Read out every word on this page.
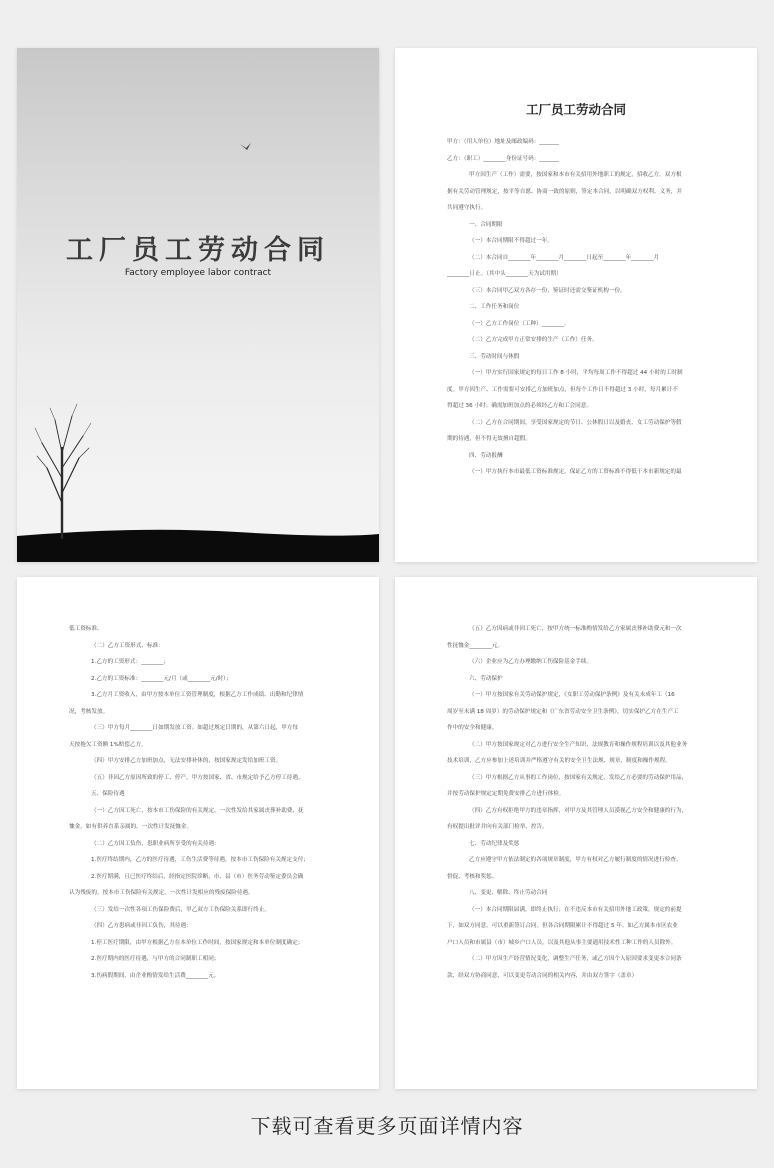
工厂员工劳动合同
Factory employee labor contract
工厂员工劳动合同

甲方：（用人单位）地址及邮政编码：_______

乙方：（职工）________身份证号码：_______

甲方因生产（工作）需要，按国家和本市有关招用外地职工的规定，招收乙方。双方根

据有关劳动管理规定，按平等自愿、协商一致的原则，签定本合同，以明确双方权利、义务，并

共同遵守执行。

一、合同期限

（一）本合同期限不得超过一年。

（二）本合同自________年________月________日起至________年________月

________日止。（其中头________天为试用期）

（三）本合同甲乙双方各存一份，鉴证时还需交鉴证机构一份。

二、工作任务和岗位

（一）乙方工作岗位（工种）________。

（二）乙方完成甲方正常安排的生产（工作）任务。

三、劳动时间与休假

（一）甲方实行国家规定的每日工作 8 小时，平均每周工作不得超过 44 小时的工时制

度。甲方因生产、工作需要可安排乙方加班加点，但每个工作日不得超过 3 小时，每月累计不

得超过 36 小时；确需加班加点的必须经乙方和工会同意。

（二）乙方在合同期间，享受国家规定的节日、公休假日以及婚丧、女工劳动保护等假

期的待遇，但不得无故擅自超假。

四、劳动报酬

（一）甲方执行本市最低工资标准规定，保证乙方的工资标准不得低于本市新规定的最

低工资标准。

（二）乙方工资形式、标准：

1.乙方的工资形式：________；

2.乙方的工资标准：________元/月（或________元/时）；

3.乙方月工资收入，由甲方按本单位工资管理制度，根据乙方工作成绩、出勤和纪律情

况，考核发放。

（三）甲方每月________日如期发放工资。如超过规定日期的，从第六日起，甲方每

天按拖欠工资额 1%赔偿乙方。

（四）甲方安排乙方加班加点，无法安排补休的，按国家规定发给加班工资。

（五）非因乙方原因所致的停工、停产，甲方按国家、省、市规定给予乙方停工待遇。

五、保险待遇

（一）乙方因工死亡，按本市工伤保险的有关规定，一次性发给其家属丧葬补助费、抚

恤金。如有供养直系亲属的，一次性计发抚恤金。

（二）乙方因工负伤、患职业病所享受的有关待遇：

1.医疗终结期内，乙方的医疗待遇，工伤生活费等待遇，按本市工伤保险有关规定支付；

2.医疗期满，且已医疗终结后，经指定医院诊断，市、县（市）医务劳动鉴定委员会确

认为残废的，按本市工伤保险有关规定，一次性计发相应的残废保险待遇。

（三）发给一次性各项工伤保险费后，甲乙双方工伤保险关系即行终止。

（四）乙方患病或非因工负伤，其待遇：

1.停工医疗期限，由甲方根据乙方在本单位工作时间，按国家规定和本单位制度确定；

2.医疗期内的医疗待遇，与甲方的合同制职工相同；

3.伤病假期间，由企业酌情发给生活费________元。

（五）乙方因病或非因工死亡，按甲方统一标准酌情发给乙方家属丧葬补助费元和一次

性抚恤金________元。

（六）企业应为乙方办理缴纳工伤保险基金手续。

六、劳动保护

（一）甲方按国家有关劳动保护规定，《女职工劳动保护条例》及有关未成年工（16

周岁至未满 18 周岁）的劳动保护规定和《广东省劳动安全卫生条例》，切实保护乙方在生产工

作中的安全和健康。

（二）甲方按国家规定对乙方进行安全生产知识、法规教育和操作规程培训以及其他业务

技术培训，乙方应参加上述培训并严格遵守有关的安全卫生法规、规章、制度和操作规程。

（三）甲方根据乙方从事的工作岗位，按国家有关规定，发给乙方必要的劳动保护用品，

并按劳动保护规定定期免费安排乙方进行体检。

（四）乙方有权拒绝甲方的违章指挥，对甲方及其管理人员漠视乙方安全和健康的行为，

有权提出批评并向有关部门检举、控告。

七、劳动纪律及奖惩

乙方应遵守甲方依法制定的各项规章制度，甲方有权对乙方履行制度的情况进行检查、

督促、考核和奖惩。

八、变更、解除、终止劳动合同

（一）本合同期限届满，即终止执行；在不违反本市有关招用外地工政策，规定的前提

下，如双方同意，可以重新签订合同。但各合同期限累计不得超过 5 年。如乙方属本市区农业

户口人员和市属县（市）城乡户口人员，以及其他从事主要通用技术性工种工作的人员除外。

（二）甲方因生产经营情况变化，调整生产任务，或乙方因个人原因要求变更本合同条

款，经双方协商同意，可以变更劳动合同的相关内容，并由双方签字（盖章）

下载可查看更多页面详情内容
